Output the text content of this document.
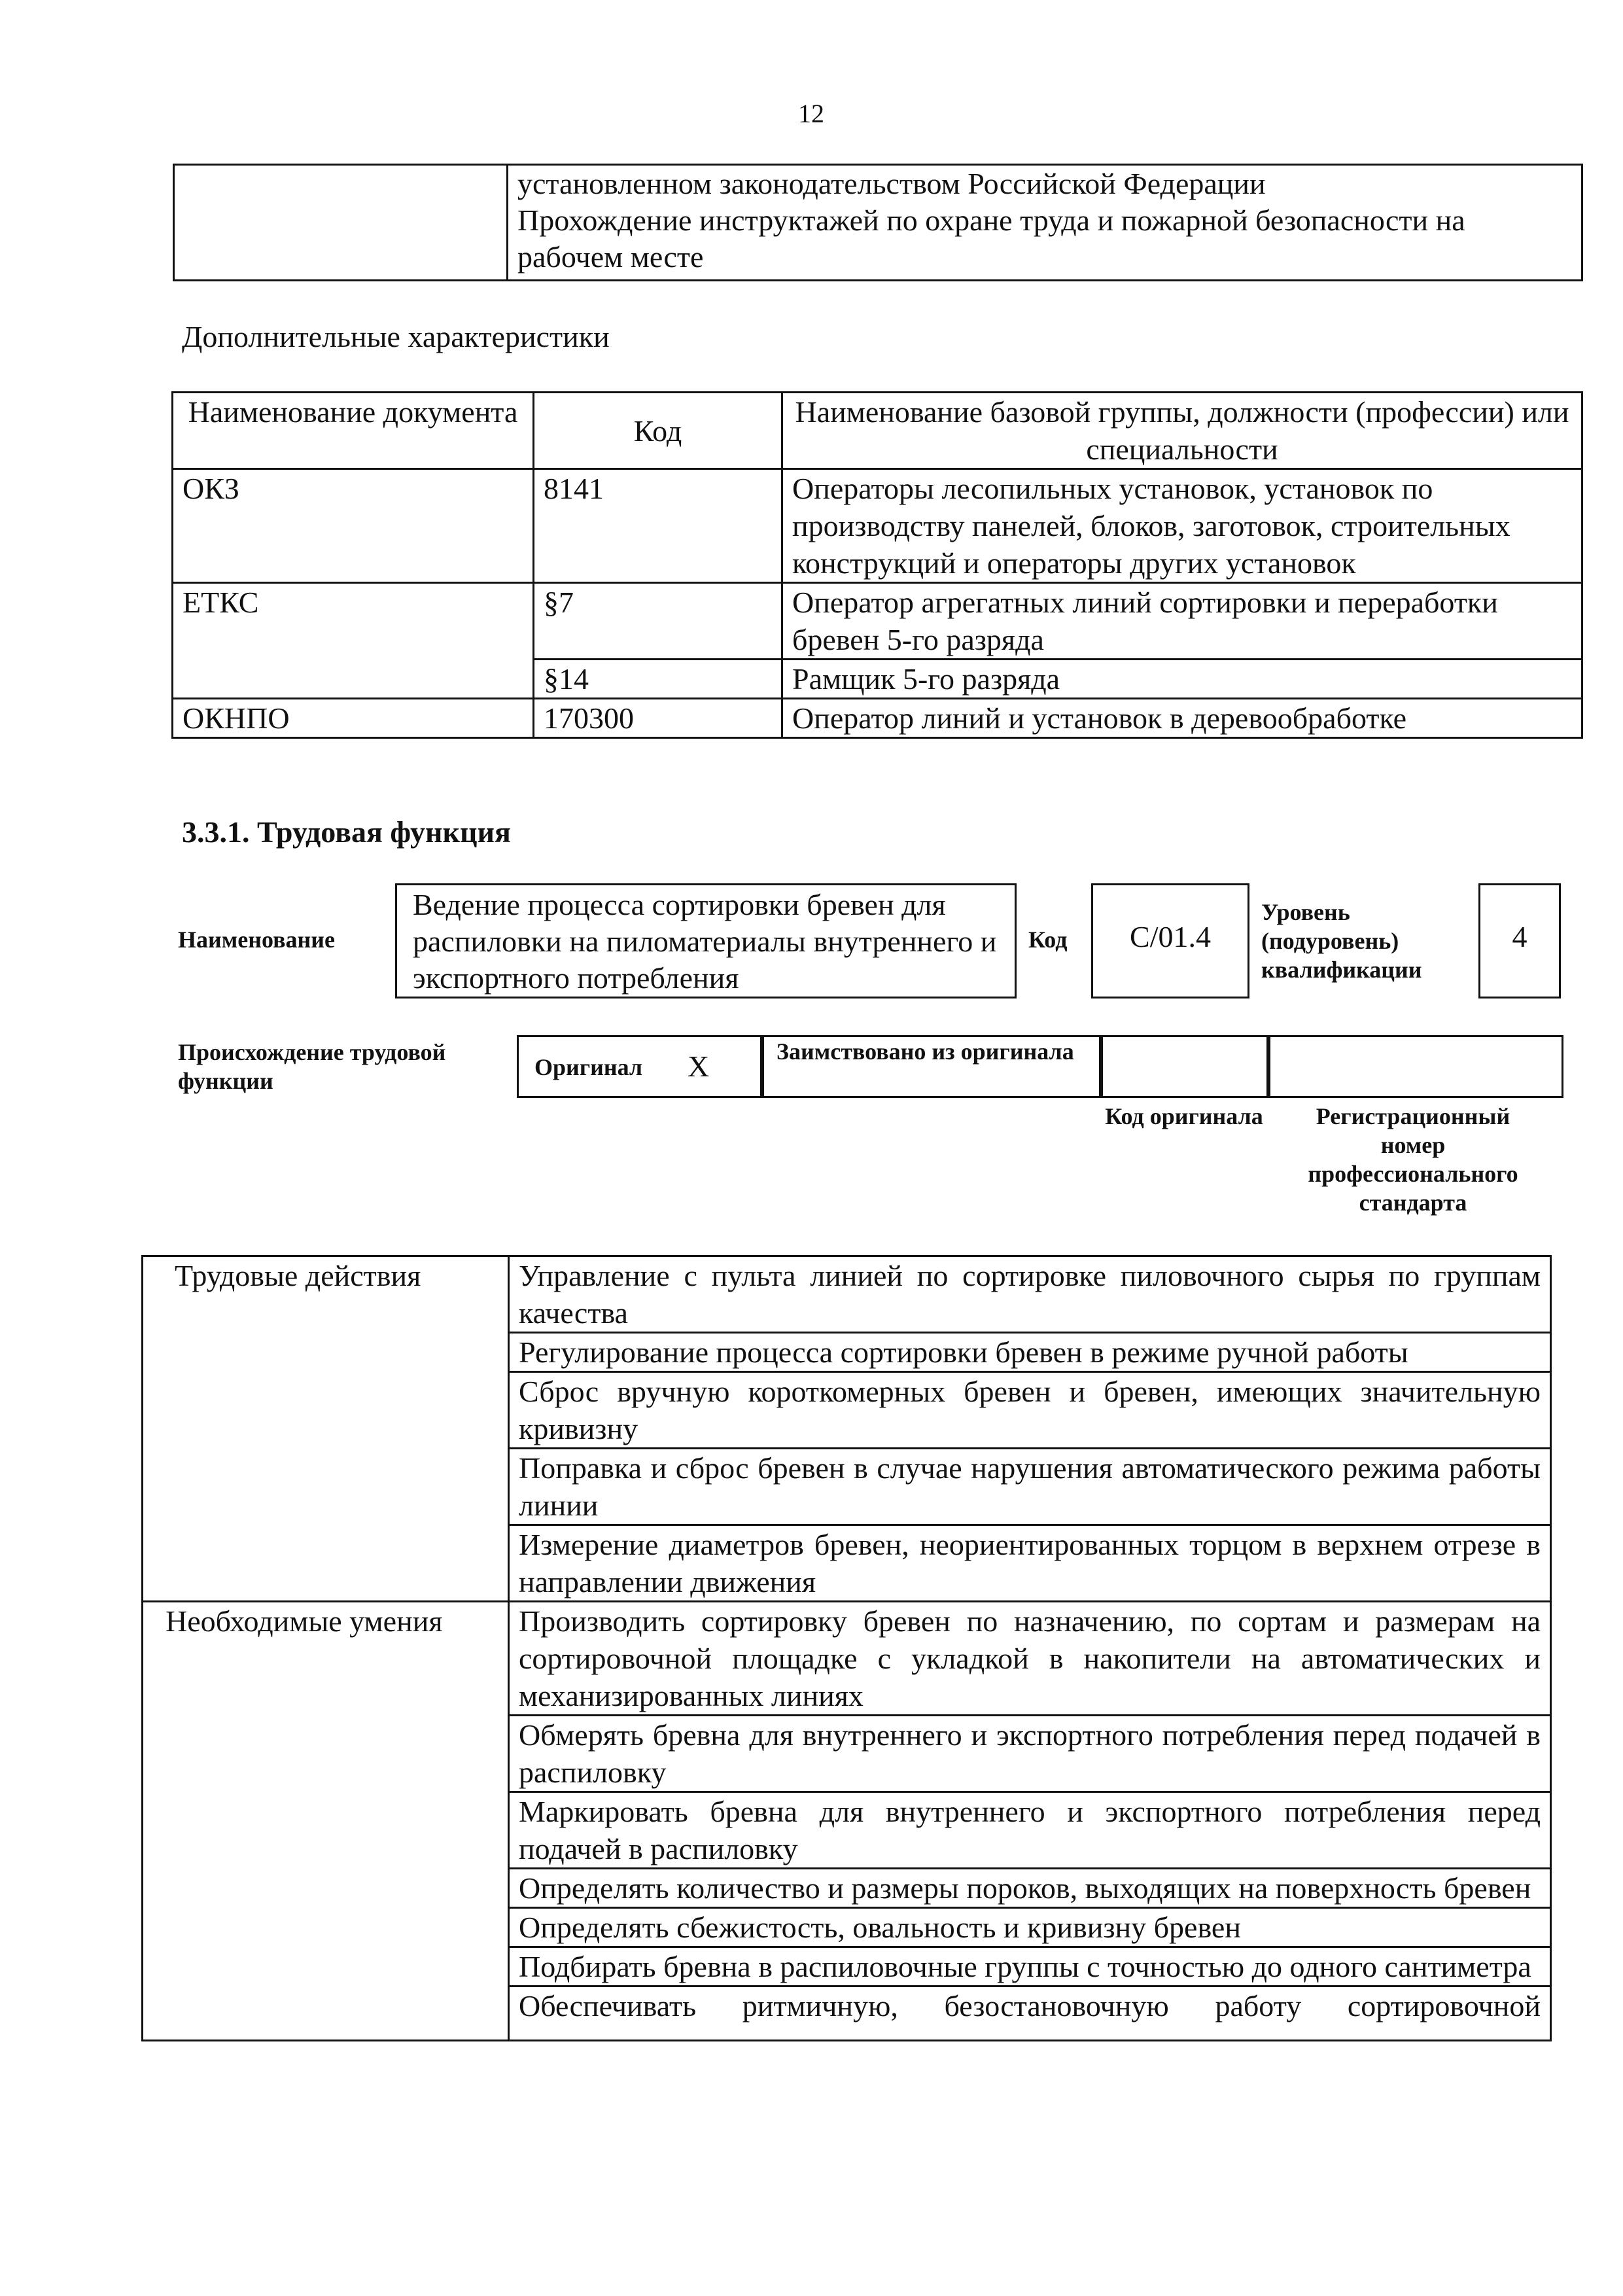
12

установленном законодательством Российской Федерации
Прохождение инструктажей по охране труда и пожарной безопасности на рабочем месте
Дополнительные характеристики
Наименование документа	Код	Наименование базовой группы, должности (профессии) или специальности
ОКЗ	8141	Операторы лесопильных установок, установок по производству панелей, блоков, заготовок, строительных конструкций и операторы других установок
ЕТКС	§7	Оператор агрегатных линий сортировки и переработки бревен 5-го разряда
	§14	Рамщик 5-го разряда
ОКНПО	170300	Оператор линий и установок в деревообработке
3.3.1. Трудовая функция
Наименование
Ведение процесса сортировки бревен для распиловки на пиломатериалы внутреннего и экспортного потребления
Код	C/01.4
Уровень (подуровень) квалификации
4
Происхождение трудовой функции
Оригинал X	Заимствовано из оригинала
Код оригинала	Регистрационный номер профессионального стандарта
Трудовые действия	Управление с пульта линией по сортировке пиловочного сырья по группам качества
	Регулирование процесса сортировки бревен в режиме ручной работы
	Сброс вручную короткомерных бревен и бревен, имеющих значительную кривизну
	Поправка и сброс бревен в случае нарушения автоматического режима работы линии
	Измерение диаметров бревен, неориентированных торцом в верхнем отрезе в направлении движения
Необходимые умения	Производить сортировку бревен по назначению, по сортам и размерам на сортировочной площадке с укладкой в накопители на автоматических и механизированных линиях
	Обмерять бревна для внутреннего и экспортного потребления перед подачей в распиловку
	Маркировать бревна для внутреннего и экспортного потребления перед подачей в распиловку
	Определять количество и размеры пороков, выходящих на поверхность бревен
	Определять сбежистость, овальность и кривизну бревен
	Подбирать бревна в распиловочные группы с точностью до одного сантиметра
	Обеспечивать ритмичную, безостановочную работу сортировочной
